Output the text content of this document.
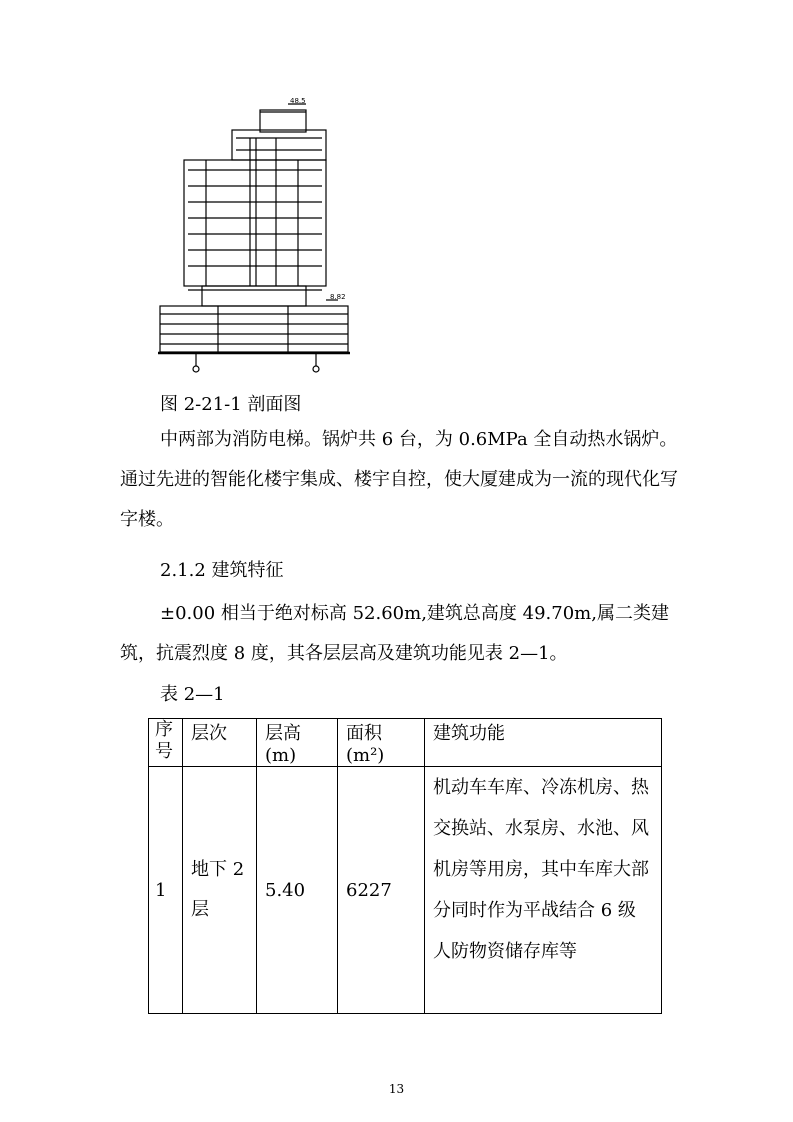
48.5
8.82
图 2-21-1 剖面图
中两部为消防电梯。锅炉共 6 台，为 0.6MPa 全自动热水锅炉。通过先进的智能化楼宇集成、楼宇自控，使大厦建成为一流的现代化写字楼。
2.1.2 建筑特征
±0.00 相当于绝对标高 52.60m,建筑总高度 49.70m,属二类建筑，抗震烈度 8 度，其各层层高及建筑功能见表 2—1。
表 2—1
序号	层次	层高(m)	面积(m²)	建筑功能
1	地下 2 层	5.40	6227	机动车车库、冷冻机房、热交换站、水泵房、水池、风机房等用房，其中车库大部分同时作为平战结合 6 级人防物资储存库等
13
